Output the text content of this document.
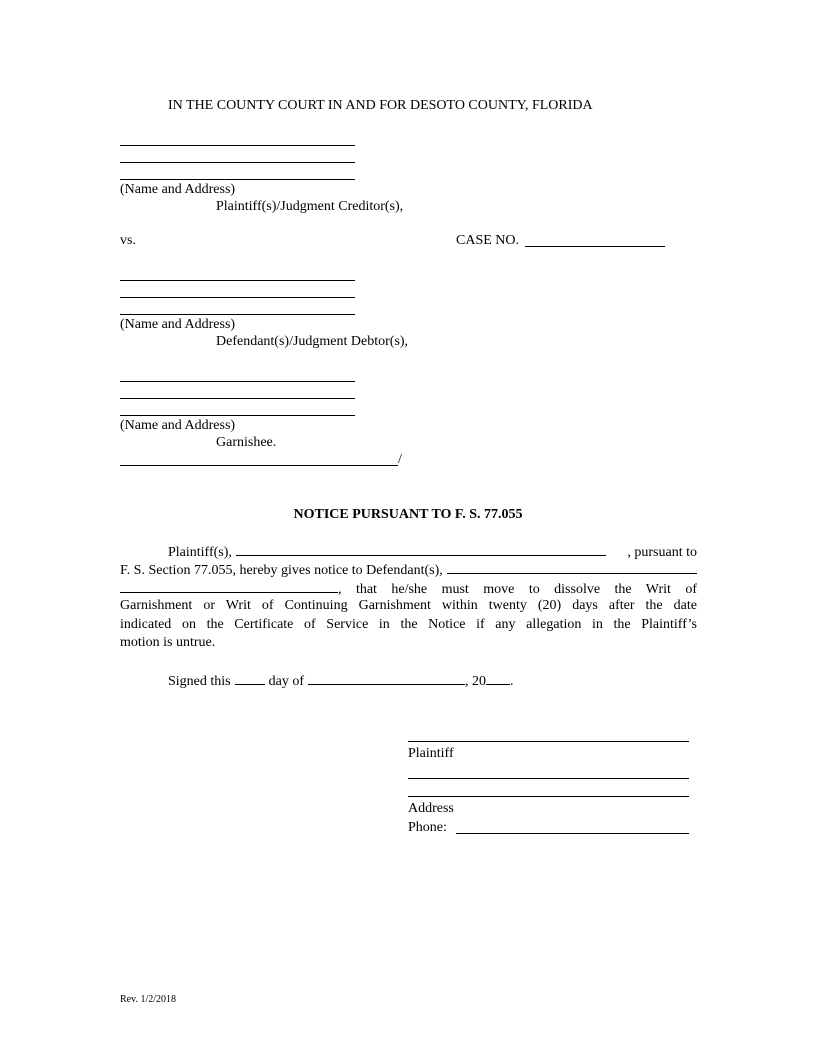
IN THE COUNTY COURT IN AND FOR DESOTO COUNTY, FLORIDA
(Name and Address)
Plaintiff(s)/Judgment Creditor(s),
vs.	CASE NO.
(Name and Address)
Defendant(s)/Judgment Debtor(s),
(Name and Address)
Garnishee.
/
NOTICE PURSUANT TO F. S. 77.055
Plaintiff(s),	, pursuant to
F. S. Section 77.055, hereby gives notice to Defendant(s),
, that he/she must move to dissolve the Writ of
Garnishment or Writ of Continuing Garnishment within twenty (20) days after the date
indicated on the Certificate of Service in the Notice if any allegation in the Plaintiff’s
motion is untrue.
Signed this	day of	, 20 .
Plaintiff
Address
Phone:
Rev. 1/2/2018
